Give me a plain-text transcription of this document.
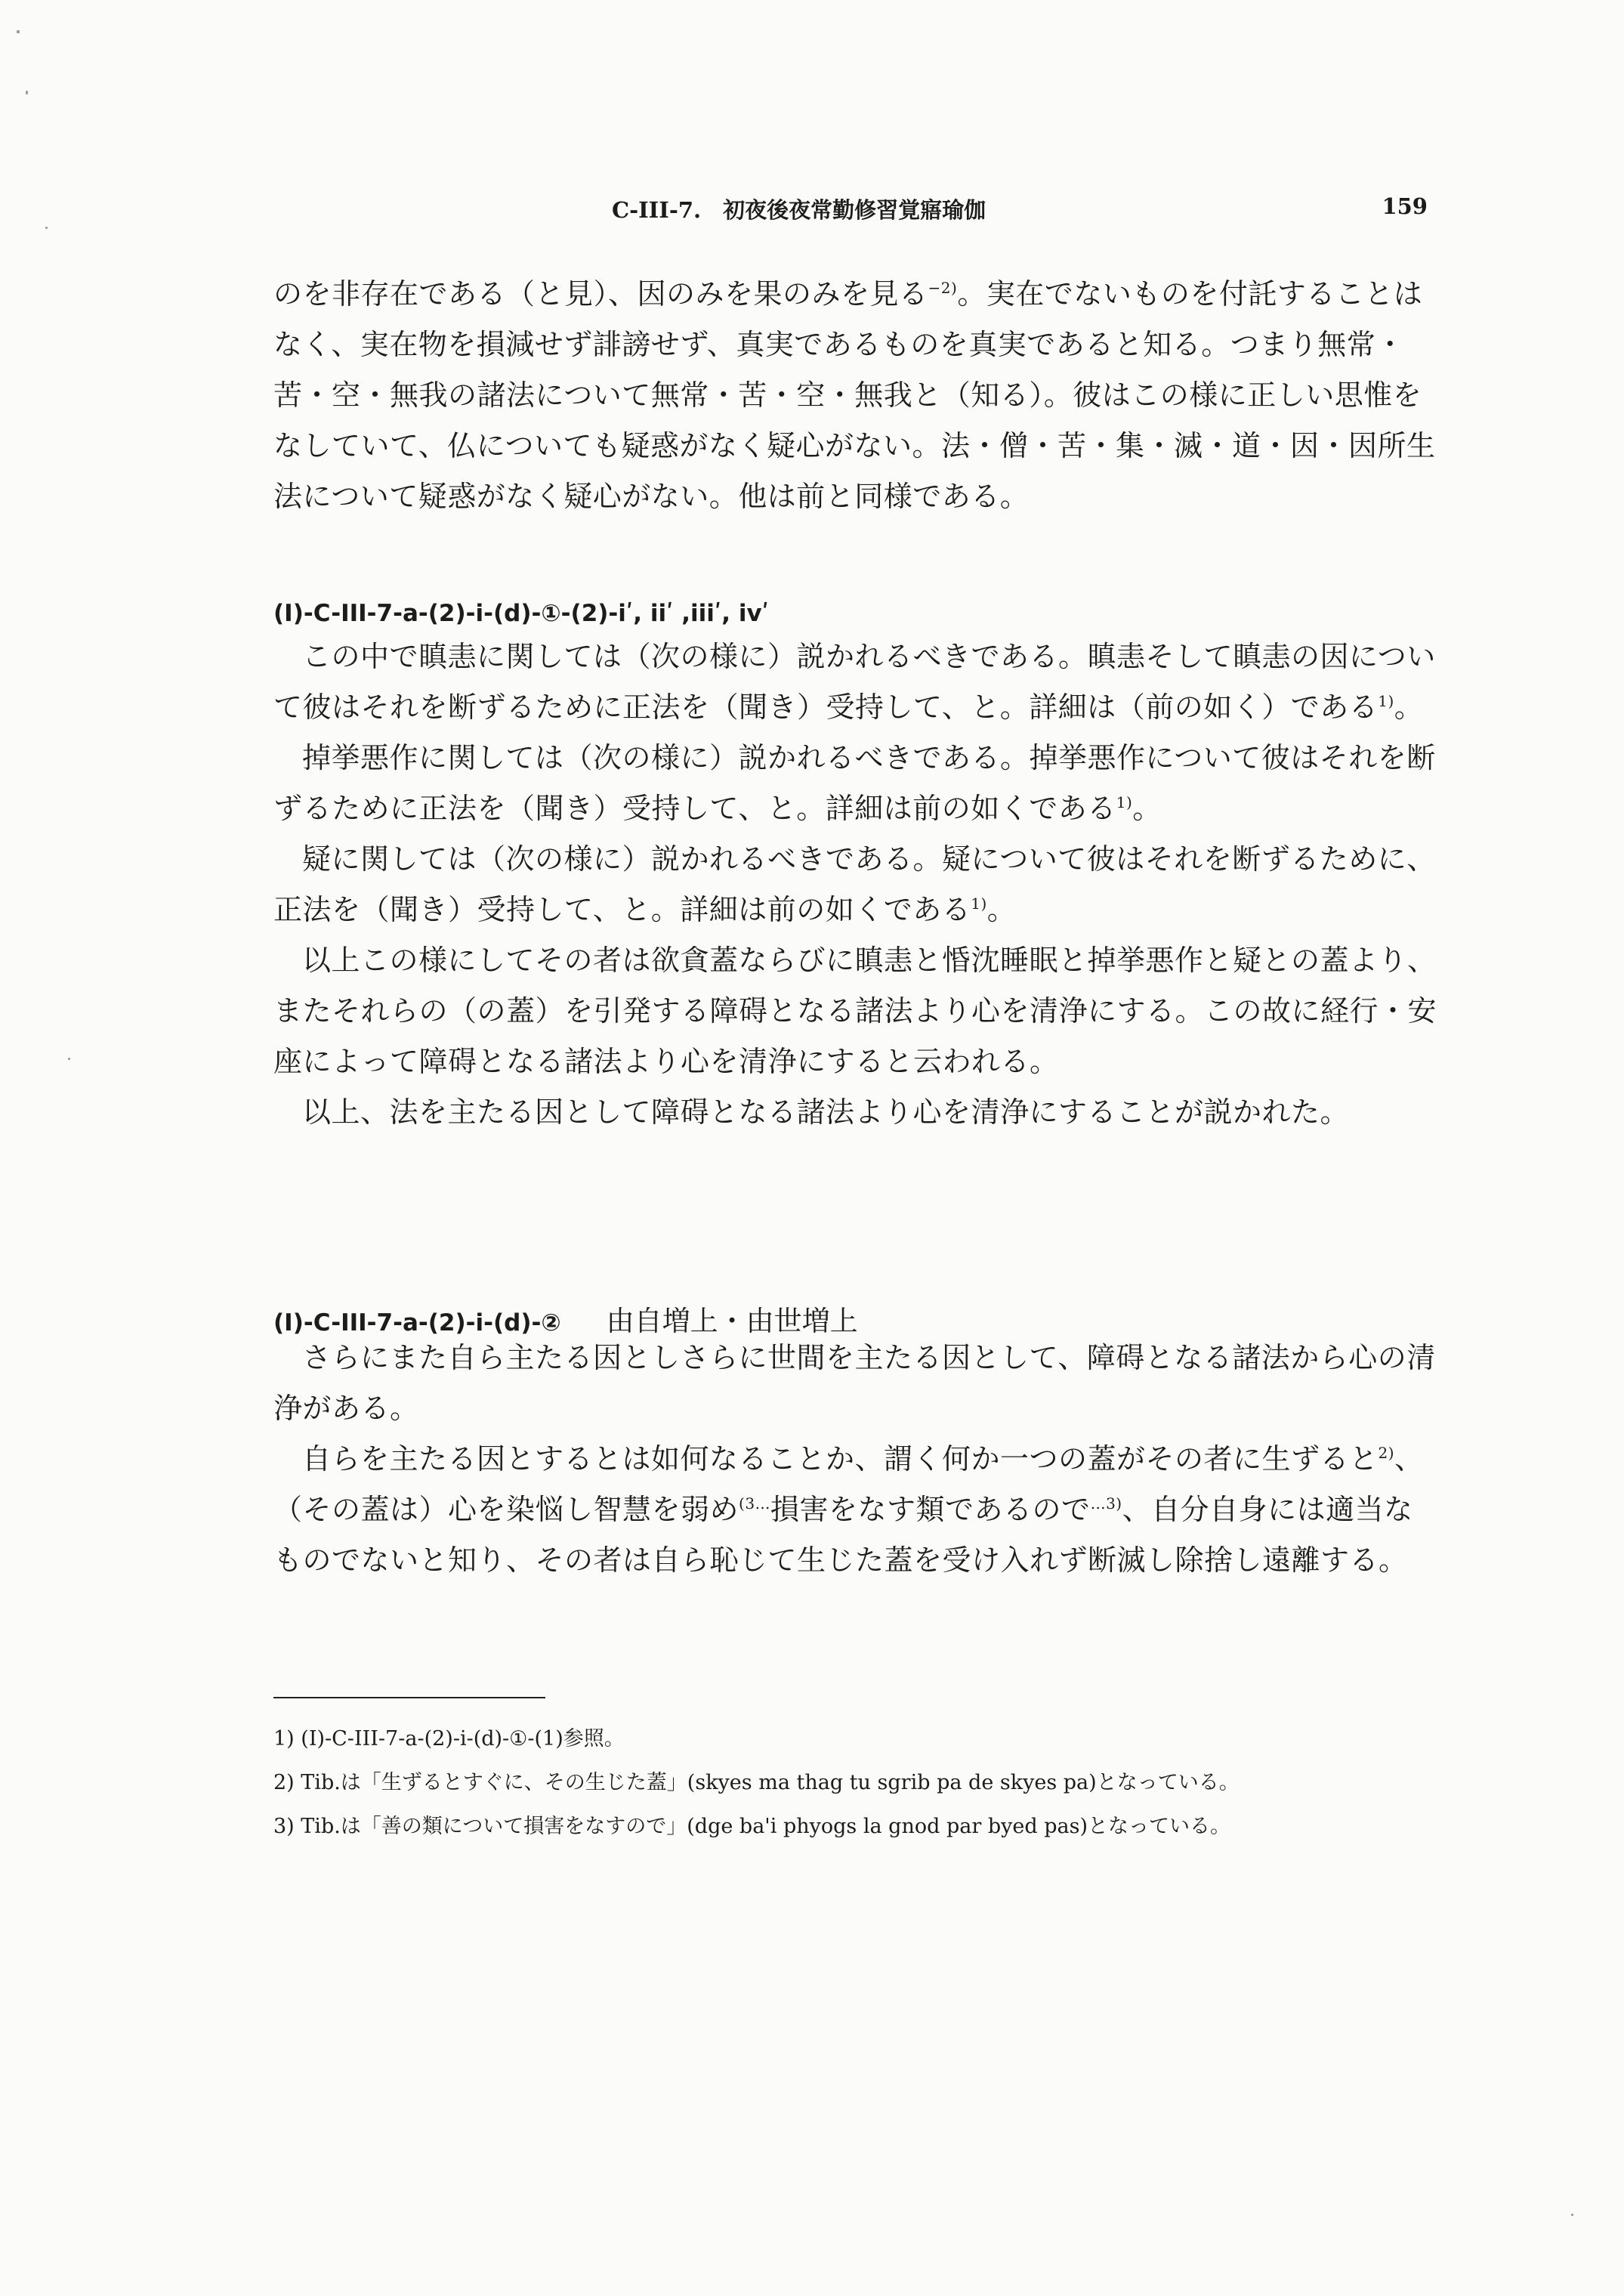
C-III-7.　初夜後夜常勤修習覚寤瑜伽	159

のを非存在である（と見）、因のみを果のみを見る$^{-2)}$。実在でないものを付託することはなく、実在物を損減せず誹謗せず、真実であるものを真実であると知る。つまり無常・苦・空・無我の諸法について無常・苦・空・無我と（知る）。彼はこの様に正しい思惟をなしていて、仏についても疑惑がなく疑心がない。法・僧・苦・集・滅・道・因・因所生法について疑惑がなく疑心がない。他は前と同様である。

(I)-C-III-7-a-(2)-i-(d)-①-(2)-iʹ, iiʹ ,iiiʹ, ivʹ

この中で瞋恚に関しては（次の様に）説かれるべきである。瞋恚そして瞋恚の因について彼はそれを断ずるために正法を（聞き）受持して、と。詳細は（前の如く）である$^{1)}$。

掉挙悪作に関しては（次の様に）説かれるべきである。掉挙悪作について彼はそれを断ずるために正法を（聞き）受持して、と。詳細は前の如くである$^{1)}$。

疑に関しては（次の様に）説かれるべきである。疑について彼はそれを断ずるために、正法を（聞き）受持して、と。詳細は前の如くである$^{1)}$。

以上この様にしてその者は欲貪蓋ならびに瞋恚と惛沈睡眠と掉挙悪作と疑との蓋より、またそれらの（の蓋）を引発する障碍となる諸法より心を清浄にする。この故に経行・安座によって障碍となる諸法より心を清浄にすると云われる。

以上、法を主たる因として障碍となる諸法より心を清浄にすることが説かれた。

(I)-C-III-7-a-(2)-i-(d)-② 由自増上・由世増上

さらにまた自ら主たる因としさらに世間を主たる因として、障碍となる諸法から心の清浄がある。

自らを主たる因とするとは如何なることか、謂く何か一つの蓋がその者に生ずると$^{2)}$、（その蓋は）心を染悩し智慧を弱め$^{(3\dots}$損害をなす類であるので$^{\dots 3)}$、自分自身には適当なものでないと知り、その者は自ら恥じて生じた蓋を受け入れず断滅し除捨し遠離する。

1) (I)-C-III-7-a-(2)-i-(d)-①-(1)参照。

2) Tib.は「生ずるとすぐに、その生じた蓋」(skyes ma thag tu sgrib pa de skyes pa)となっている。

3) Tib.は「善の類について損害をなすので」(dge ba'i phyogs la gnod par byed pas)となっている。
